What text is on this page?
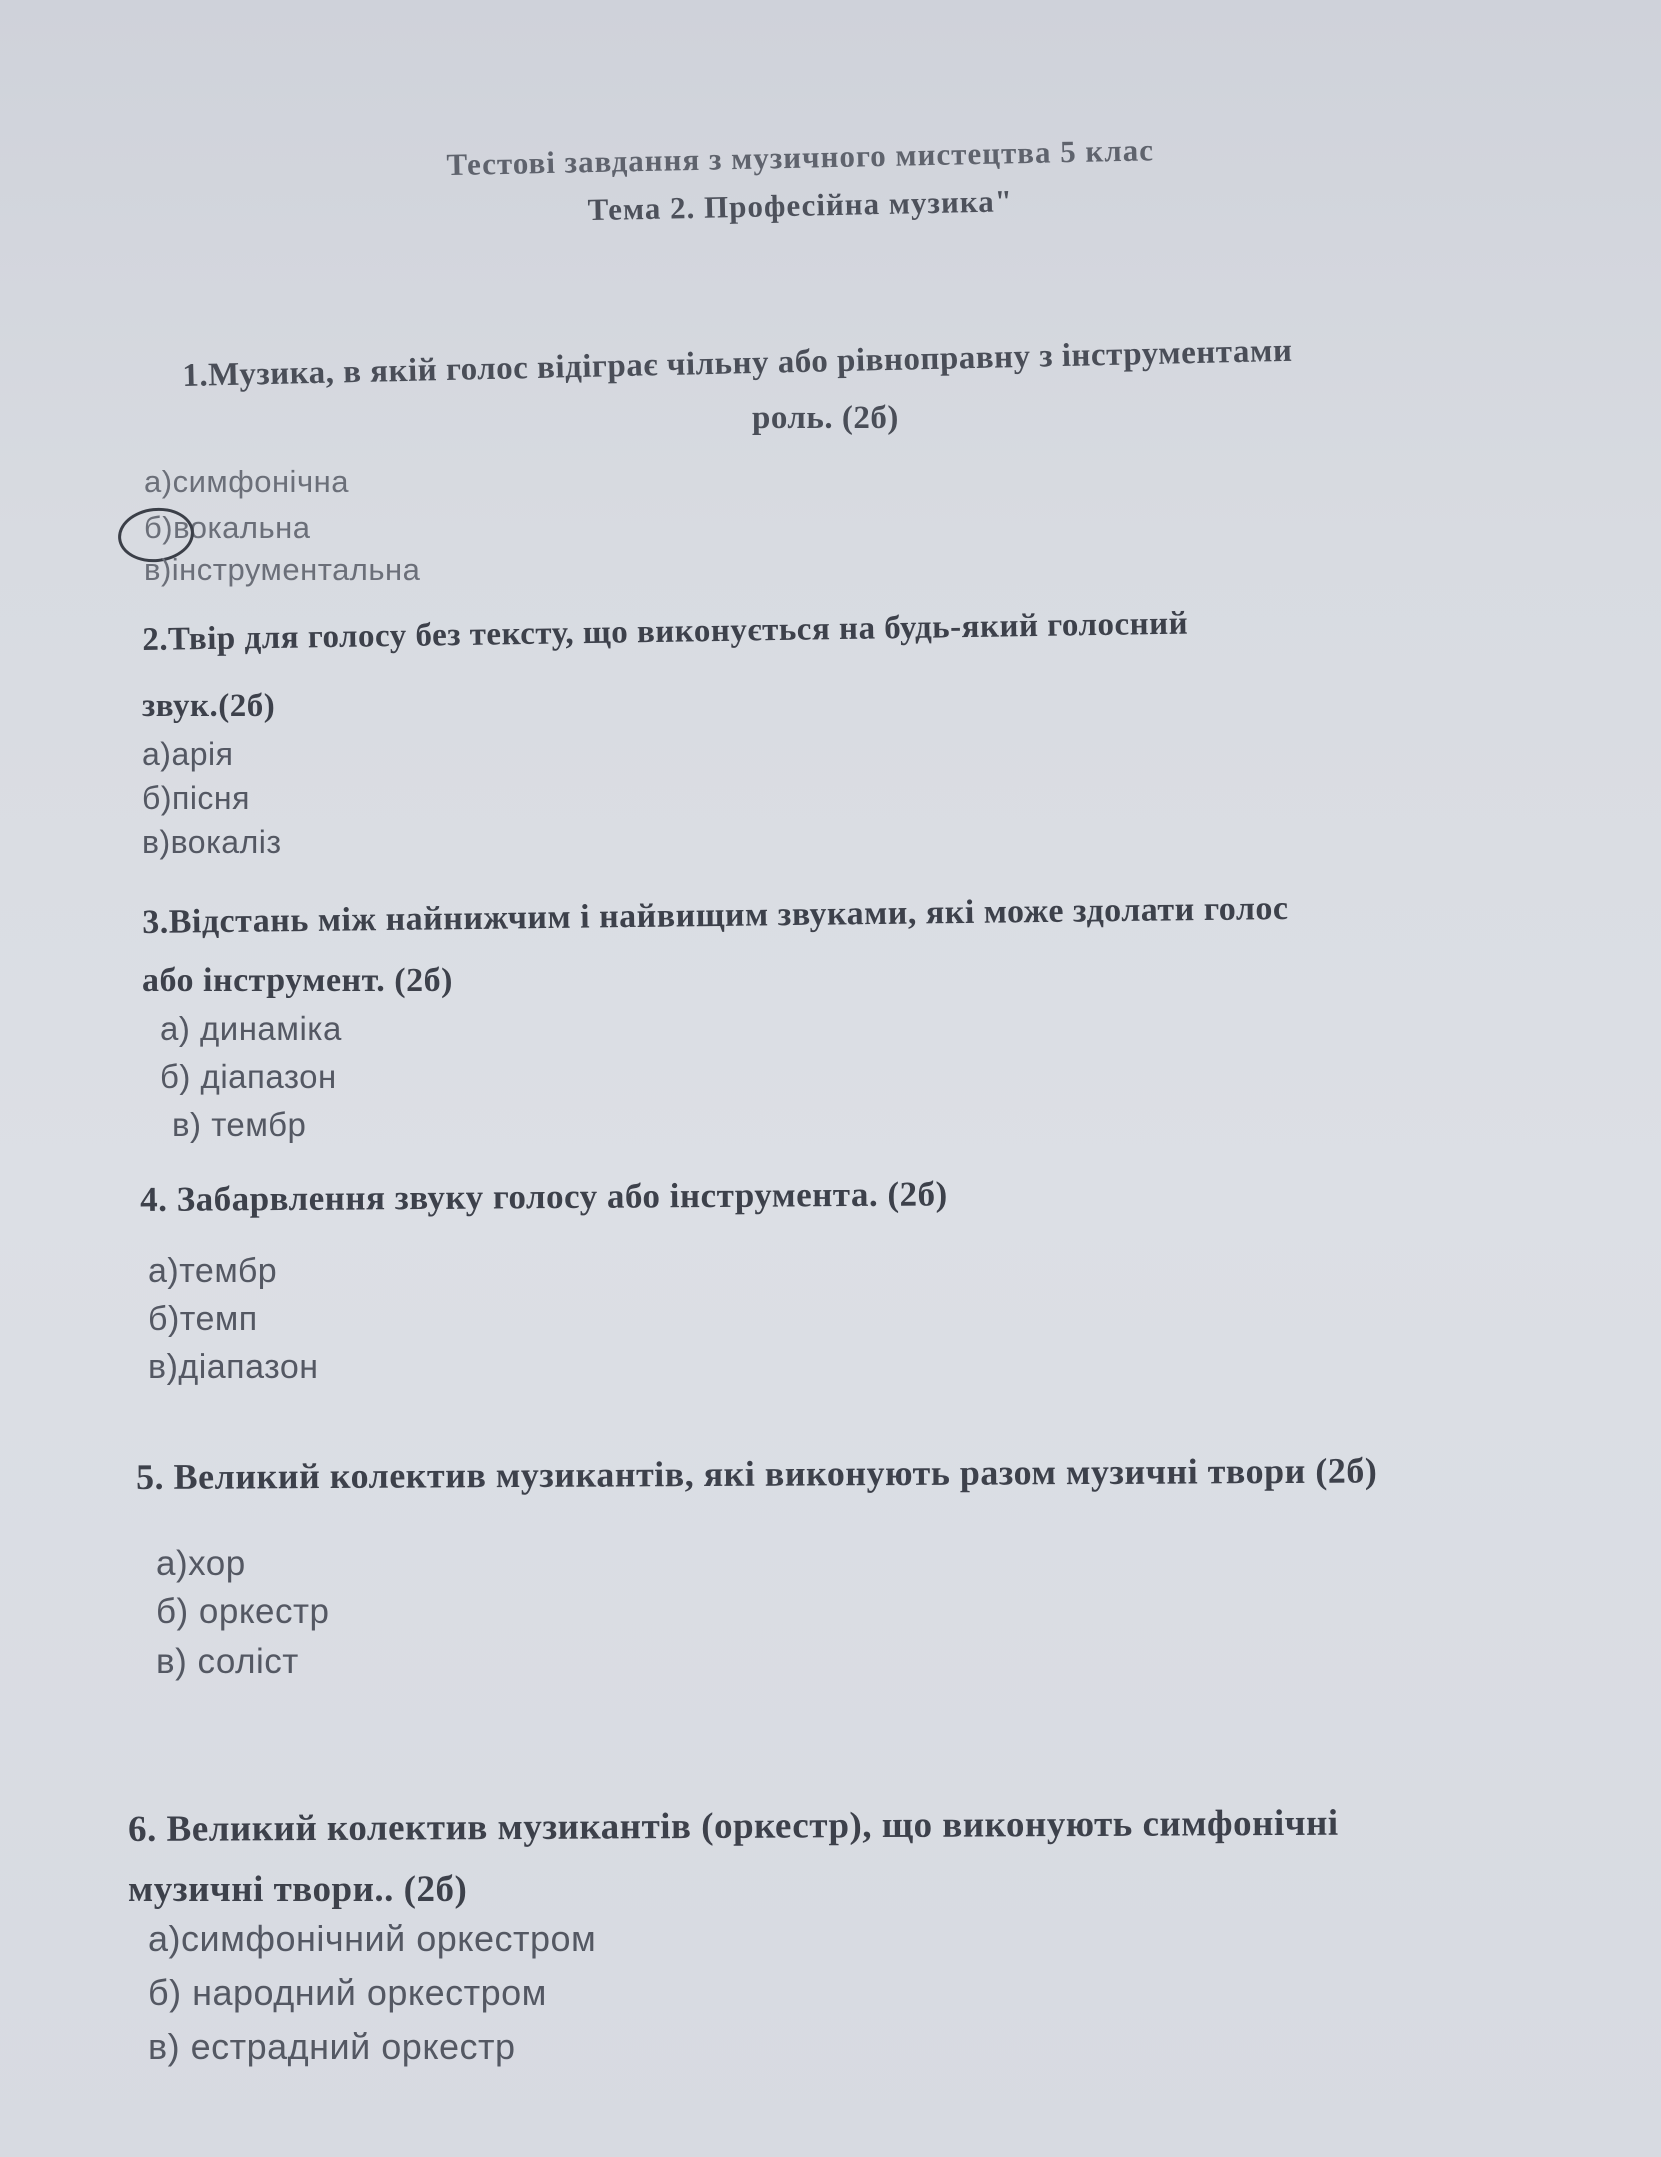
Тестові завдання з музичного мистецтва 5 клас
Тема 2. Професійна музика"
1.Музика, в якій голос відіграє чільну або рівноправну з інструментами
роль. (2б)
а)симфонічна
б)вокальна
в)інструментальна
2.Твір для голосу без тексту, що виконується на будь-який голосний
звук.(2б)
а)арія
б)пісня
в)вокаліз
3.Відстань між найнижчим і найвищим звуками, які може здолати голос
або інструмент. (2б)
а) динаміка
б) діапазон
в) тембр
4. Забарвлення звуку голосу або інструмента. (2б)
а)тембр
б)темп
в)діапазон
5. Великий колектив музикантів, які виконують разом музичні твори (2б)
а)хор
б) оркестр
в) соліст
6. Великий колектив музикантів (оркестр), що виконують симфонічні
музичні твори.. (2б)
а)симфонічний оркестром
б) народний оркестром
в) естрадний оркестр
